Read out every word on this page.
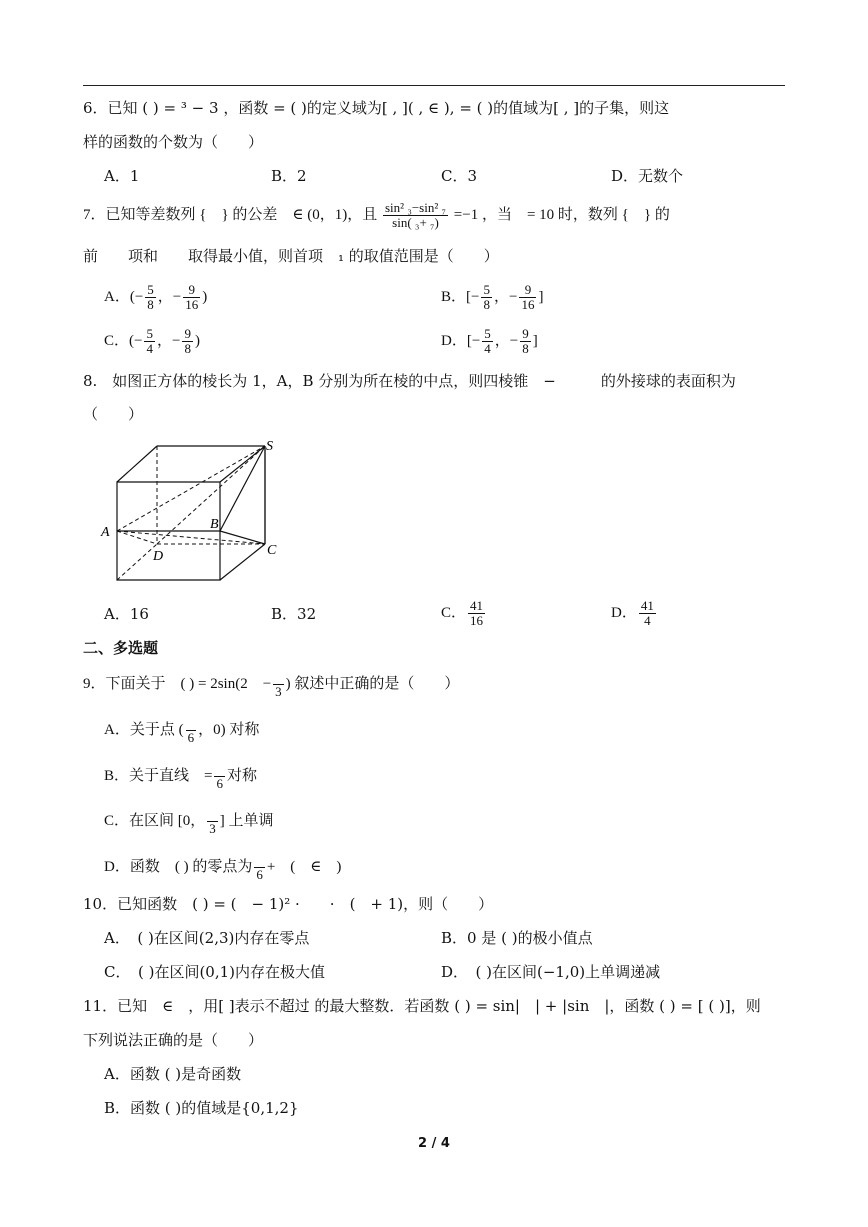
6．已知 ( ) = ³ − 3 ，函数 = ( )的定义域为[ , ]( , ∈ ), = ( )的值域为[ , ]的子集，则这
样的函数的个数为（　　）
A．1	B．2	C．3	D．无数个
7．已知等差数列 {　} 的公差　∈ (0，1)，且 $\frac{\text{sin² ₃−sin² ₇}}{\text{sin( ₃+ ₇)}} =-1$ ，当　= 10 时，数列 {　} 的
前　　项和　　取得最小值，则首项　₁ 的取值范围是（　　）
A．(− $\frac{5}{8}$ ，− $\frac{9}{16}$ )	B．[− $\frac{5}{8}$ ，− $\frac{9}{16}$ ]
C．(− $\frac{5}{4}$ ，− $\frac{9}{8}$ )	D．[− $\frac{5}{4}$ ，− $\frac{9}{8}$ ]
8.　如图正方体的棱长为 1，A，B 分别为所在棱的中点，则四棱锥　−　　　的外接球的表面积为
（　　）
S
A
B
C
D
A．16	B．32	C． $\frac{41}{16}$	D． $\frac{41}{4}$
二、多选题
9．下面关于　( ) = 2sin(2　−
3 ) 叙述中正确的是（　　）
A．关于点 (
6 ，0) 对称
B．关于直线　=
6 对称
C．在区间 [0，
3 ] 上单调
D．函数　( ) 的零点为
6 +　(　∈　)
10．已知函数　( ) = (　− 1)² ·　　·　(　+ 1)，则（　　）
A．　( )在区间(2,3)内存在零点	B．0 是 ( )的极小值点
C．　( )在区间(0,1)内存在极大值	D．　( )在区间(−1,0)上单调递减
11．已知　∈　，用[ ]表示不超过 的最大整数．若函数 ( ) = sin|　| + |sin　|，函数 ( ) = [ ( )]，则
下列说法正确的是（　　）
A．函数 ( )是奇函数
B．函数 ( )的值域是{0,1,2}
2 / 4
